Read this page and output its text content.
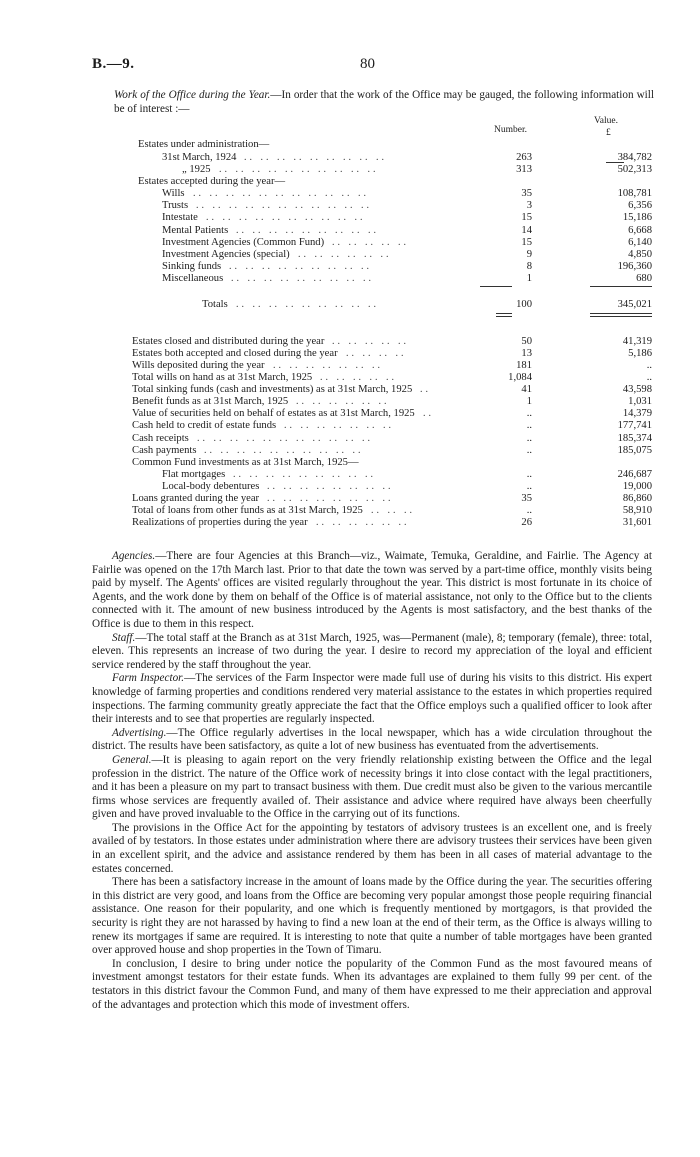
B.—9.	80
Work of the Office during the Year.—In order that the work of the Office may be gauged, the following information will be of interest :—
Number.
Value.
£
Estates under administration—
31st March, 1924 .. .. .. .. .. .. .. .. ..	263	384,782
„ 1925 .. .. .. .. .. .. .. .. .. ..	313	502,313
Estates accepted during the year—
Wills .. .. .. .. .. .. .. .. .. .. ..	35	108,781
Trusts .. .. .. .. .. .. .. .. .. .. ..	3	6,356
Intestate .. .. .. .. .. .. .. .. .. ..	15	15,186
Mental Patients .. .. .. .. .. .. .. .. ..	14	6,668
Investment Agencies (Common Fund) .. .. .. .. ..	15	6,140
Investment Agencies (special) .. .. .. .. .. ..	9	4,850
Sinking funds .. .. .. .. .. .. .. .. ..	8	196,360
Miscellaneous .. .. .. .. .. .. .. .. ..	1	680
Totals .. .. .. .. .. .. .. .. ..	100	345,021
Estates closed and distributed during the year .. .. .. .. ..	50	41,319
Estates both accepted and closed during the year .. .. .. ..	13	5,186
Wills deposited during the year .. .. .. .. .. .. ..	181	..
Total wills on hand as at 31st March, 1925 .. .. .. .. ..	1,084	..
Total sinking funds (cash and investments) as at 31st March, 1925 ..	41	43,598
Benefit funds as at 31st March, 1925 .. .. .. .. .. ..	1	1,031
Value of securities held on behalf of estates as at 31st March, 1925 ..	..	14,379
Cash held to credit of estate funds .. .. .. .. .. .. ..	..	177,741
Cash receipts .. .. .. .. .. .. .. .. .. .. ..	..	185,374
Cash payments .. .. .. .. .. .. .. .. .. ..	..	185,075
Common Fund investments as at 31st March, 1925—
Flat mortgages .. .. .. .. .. .. .. .. ..	..	246,687
Local-body debentures .. .. .. .. .. .. .. ..	..	19,000
Loans granted during the year .. .. .. .. .. .. .. ..	35	86,860
Total of loans from other funds as at 31st March, 1925 .. .. ..	..	58,910
Realizations of properties during the year .. .. .. .. .. ..	26	31,601

Agencies.—There are four Agencies at this Branch—viz., Waimate, Temuka, Geraldine, and Fairlie. The Agency at Fairlie was opened on the 17th March last. Prior to that date the town was served by a part-time office, monthly visits being paid by myself. The Agents' offices are visited regularly throughout the year. This district is most fortunate in its choice of Agents, and the work done by them on behalf of the Office is of material assistance, not only to the Office but to the clients connected with it. The amount of new business introduced by the Agents is most satisfactory, and the best thanks of the Office is due to them in this respect.

Staff.—The total staff at the Branch as at 31st March, 1925, was—Permanent (male), 8; temporary (female), three: total, eleven. This represents an increase of two during the year. I desire to record my appreciation of the loyal and efficient service rendered by the staff throughout the year.

Farm Inspector.—The services of the Farm Inspector were made full use of during his visits to this district. His expert knowledge of farming properties and conditions rendered very material assistance to the estates in which properties required inspections. The farming community greatly appreciate the fact that the Office employs such a qualified officer to look after their interests and to see that properties are regularly inspected.

Advertising.—The Office regularly advertises in the local newspaper, which has a wide circulation throughout the district. The results have been satisfactory, as quite a lot of new business has eventuated from the advertisements.

General.—It is pleasing to again report on the very friendly relationship existing between the Office and the legal profession in the district. The nature of the Office work of necessity brings it into close contact with the legal practitioners, and it has been a pleasure on my part to transact business with them. Due credit must also be given to the various mercantile firms whose services are frequently availed of. Their assistance and advice where required have always been cheerfully given and have proved invaluable to the Office in the carrying out of its functions.

The provisions in the Office Act for the appointing by testators of advisory trustees is an excellent one, and is freely availed of by testators. In those estates under administration where there are advisory trustees their services have been given in an excellent spirit, and the advice and assistance rendered by them has been in all cases of material advantage to the estates concerned.

There has been a satisfactory increase in the amount of loans made by the Office during the year. The securities offering in this district are very good, and loans from the Office are becoming very popular amongst those people requiring financial assistance. One reason for their popularity, and one which is frequently mentioned by mortgagors, is that provided the security is right they are not harassed by having to find a new loan at the end of their term, as the Office is always willing to renew its mortgages if same are required. It is interesting to note that quite a number of table mortgages have been granted over approved house and shop properties in the Town of Timaru.

In conclusion, I desire to bring under notice the popularity of the Common Fund as the most favoured means of investment amongst testators for their estate funds. When its advantages are explained to them fully 99 per cent. of the testators in this district favour the Common Fund, and many of them have expressed to me their appreciation and approval of the advantages and protection which this mode of investment offers.
